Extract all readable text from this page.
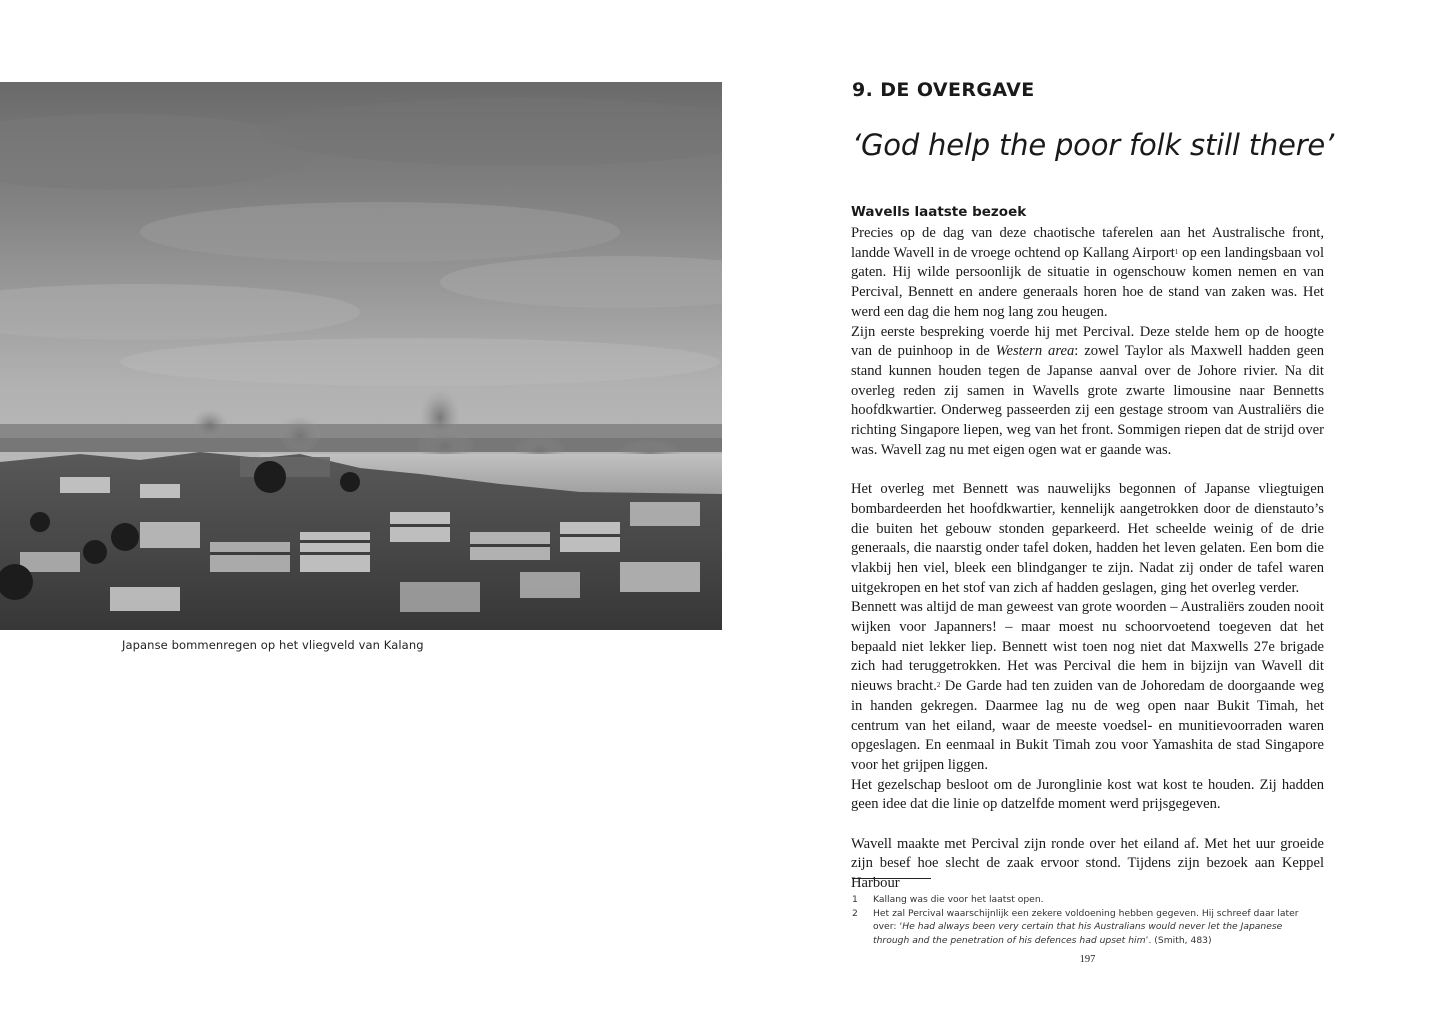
Japanse bommenregen op het vliegveld van Kalang
9. DE OVERGAVE
‘God help the poor folk still there’
Wavells laatste bezoek

Precies op de dag van deze chaotische taferelen aan het Australische front, landde Wavell in de vroege ochtend op Kallang Airport$^1$ op een landingsbaan vol gaten. Hij wilde persoonlijk de situatie in ogenschouw komen nemen en van Percival, Bennett en andere generaals horen hoe de stand van zaken was. Het werd een dag die hem nog lang zou heugen.

Zijn eerste bespreking voerde hij met Percival. Deze stelde hem op de hoogte van de puinhoop in de Western area: zowel Taylor als Maxwell hadden geen stand kunnen houden tegen de Japanse aanval over de Johore rivier. Na dit overleg reden zij samen in Wavells grote zwarte limousine naar Bennetts hoofdkwartier. Onderweg passeerden zij een gestage stroom van Australiërs die richting Singapore liepen, weg van het front. Sommigen riepen dat de strijd over was. Wavell zag nu met eigen ogen wat er gaande was.

Het overleg met Bennett was nauwelijks begonnen of Japanse vliegtuigen bombardeerden het hoofdkwartier, kennelijk aangetrokken door de dienstauto’s die buiten het gebouw stonden geparkeerd. Het scheelde weinig of de drie generaals, die naarstig onder tafel doken, hadden het leven gelaten. Een bom die vlakbij hen viel, bleek een blindganger te zijn. Nadat zij onder de tafel waren uitgekropen en het stof van zich af hadden geslagen, ging het overleg verder.

Bennett was altijd de man geweest van grote woorden – Australiërs zouden nooit wijken voor Japanners! – maar moest nu schoorvoetend toegeven dat het bepaald niet lekker liep. Bennett wist toen nog niet dat Maxwells 27e brigade zich had teruggetrokken. Het was Percival die hem in bijzijn van Wavell dit nieuws bracht.$^2$ De Garde had ten zuiden van de Johoredam de doorgaande weg in handen gekregen. Daarmee lag nu de weg open naar Bukit Timah, het centrum van het eiland, waar de meeste voedsel- en munitievoorraden waren opgeslagen. En eenmaal in Bukit Timah zou voor Yamashita de stad Singapore voor het grijpen liggen.

Het gezelschap besloot om de Juronglinie kost wat kost te houden. Zij hadden geen idee dat die linie op datzelfde moment werd prijsgegeven.

Wavell maakte met Percival zijn ronde over het eiland af. Met het uur groeide zijn besef hoe slecht de zaak ervoor stond. Tijdens zijn bezoek aan Keppel Harbour

1	Kallang was die voor het laatst open.

2	Het zal Percival waarschijnlijk een zekere voldoening hebben gegeven. Hij schreef daar later over: ‘He had always been very certain that his Australians would never let the Japanese through and the penetration of his defences had upset him’. (Smith, 483)

197
